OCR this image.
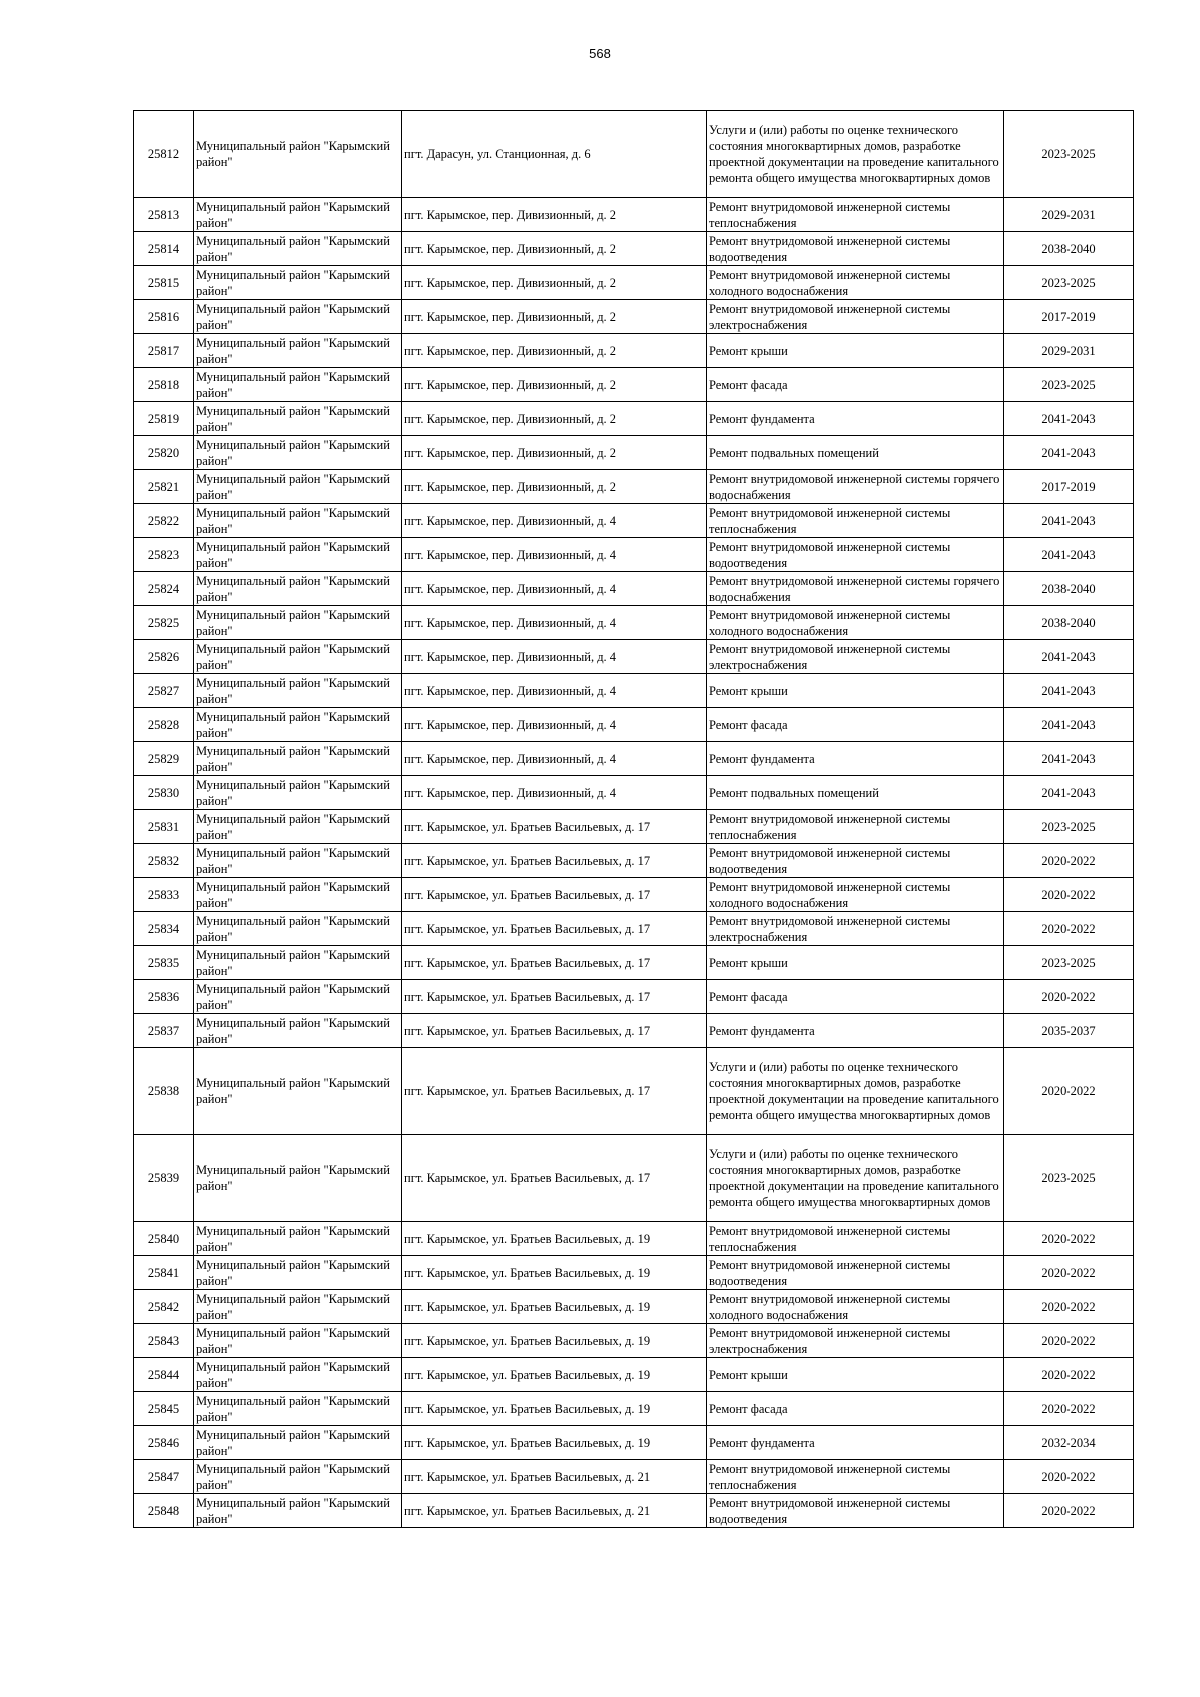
568
25812	Муниципальный район "Карымский район"	пгт. Дарасун, ул. Станционная, д. 6	Услуги и (или) работы по оценке технического состояния многоквартирных домов, разработке проектной документации на проведение капитального ремонта общего имущества многоквартирных домов	2023-2025
25813	Муниципальный район "Карымский район"	пгт. Карымское, пер. Дивизионный, д. 2	Ремонт внутридомовой инженерной системы теплоснабжения	2029-2031
25814	Муниципальный район "Карымский район"	пгт. Карымское, пер. Дивизионный, д. 2	Ремонт внутридомовой инженерной системы водоотведения	2038-2040
25815	Муниципальный район "Карымский район"	пгт. Карымское, пер. Дивизионный, д. 2	Ремонт внутридомовой инженерной системы холодного водоснабжения	2023-2025
25816	Муниципальный район "Карымский район"	пгт. Карымское, пер. Дивизионный, д. 2	Ремонт внутридомовой инженерной системы электроснабжения	2017-2019
25817	Муниципальный район "Карымский район"	пгт. Карымское, пер. Дивизионный, д. 2	Ремонт крыши	2029-2031
25818	Муниципальный район "Карымский район"	пгт. Карымское, пер. Дивизионный, д. 2	Ремонт фасада	2023-2025
25819	Муниципальный район "Карымский район"	пгт. Карымское, пер. Дивизионный, д. 2	Ремонт фундамента	2041-2043
25820	Муниципальный район "Карымский район"	пгт. Карымское, пер. Дивизионный, д. 2	Ремонт подвальных помещений	2041-2043
25821	Муниципальный район "Карымский район"	пгт. Карымское, пер. Дивизионный, д. 2	Ремонт внутридомовой инженерной системы горячего водоснабжения	2017-2019
25822	Муниципальный район "Карымский район"	пгт. Карымское, пер. Дивизионный, д. 4	Ремонт внутридомовой инженерной системы теплоснабжения	2041-2043
25823	Муниципальный район "Карымский район"	пгт. Карымское, пер. Дивизионный, д. 4	Ремонт внутридомовой инженерной системы водоотведения	2041-2043
25824	Муниципальный район "Карымский район"	пгт. Карымское, пер. Дивизионный, д. 4	Ремонт внутридомовой инженерной системы горячего водоснабжения	2038-2040
25825	Муниципальный район "Карымский район"	пгт. Карымское, пер. Дивизионный, д. 4	Ремонт внутридомовой инженерной системы холодного водоснабжения	2038-2040
25826	Муниципальный район "Карымский район"	пгт. Карымское, пер. Дивизионный, д. 4	Ремонт внутридомовой инженерной системы электроснабжения	2041-2043
25827	Муниципальный район "Карымский район"	пгт. Карымское, пер. Дивизионный, д. 4	Ремонт крыши	2041-2043
25828	Муниципальный район "Карымский район"	пгт. Карымское, пер. Дивизионный, д. 4	Ремонт фасада	2041-2043
25829	Муниципальный район "Карымский район"	пгт. Карымское, пер. Дивизионный, д. 4	Ремонт фундамента	2041-2043
25830	Муниципальный район "Карымский район"	пгт. Карымское, пер. Дивизионный, д. 4	Ремонт подвальных помещений	2041-2043
25831	Муниципальный район "Карымский район"	пгт. Карымское, ул. Братьев Васильевых, д. 17	Ремонт внутридомовой инженерной системы теплоснабжения	2023-2025
25832	Муниципальный район "Карымский район"	пгт. Карымское, ул. Братьев Васильевых, д. 17	Ремонт внутридомовой инженерной системы водоотведения	2020-2022
25833	Муниципальный район "Карымский район"	пгт. Карымское, ул. Братьев Васильевых, д. 17	Ремонт внутридомовой инженерной системы холодного водоснабжения	2020-2022
25834	Муниципальный район "Карымский район"	пгт. Карымское, ул. Братьев Васильевых, д. 17	Ремонт внутридомовой инженерной системы электроснабжения	2020-2022
25835	Муниципальный район "Карымский район"	пгт. Карымское, ул. Братьев Васильевых, д. 17	Ремонт крыши	2023-2025
25836	Муниципальный район "Карымский район"	пгт. Карымское, ул. Братьев Васильевых, д. 17	Ремонт фасада	2020-2022
25837	Муниципальный район "Карымский район"	пгт. Карымское, ул. Братьев Васильевых, д. 17	Ремонт фундамента	2035-2037
25838	Муниципальный район "Карымский район"	пгт. Карымское, ул. Братьев Васильевых, д. 17	Услуги и (или) работы по оценке технического состояния многоквартирных домов, разработке проектной документации на проведение капитального ремонта общего имущества многоквартирных домов	2020-2022
25839	Муниципальный район "Карымский район"	пгт. Карымское, ул. Братьев Васильевых, д. 17	Услуги и (или) работы по оценке технического состояния многоквартирных домов, разработке проектной документации на проведение капитального ремонта общего имущества многоквартирных домов	2023-2025
25840	Муниципальный район "Карымский район"	пгт. Карымское, ул. Братьев Васильевых, д. 19	Ремонт внутридомовой инженерной системы теплоснабжения	2020-2022
25841	Муниципальный район "Карымский район"	пгт. Карымское, ул. Братьев Васильевых, д. 19	Ремонт внутридомовой инженерной системы водоотведения	2020-2022
25842	Муниципальный район "Карымский район"	пгт. Карымское, ул. Братьев Васильевых, д. 19	Ремонт внутридомовой инженерной системы холодного водоснабжения	2020-2022
25843	Муниципальный район "Карымский район"	пгт. Карымское, ул. Братьев Васильевых, д. 19	Ремонт внутридомовой инженерной системы электроснабжения	2020-2022
25844	Муниципальный район "Карымский район"	пгт. Карымское, ул. Братьев Васильевых, д. 19	Ремонт крыши	2020-2022
25845	Муниципальный район "Карымский район"	пгт. Карымское, ул. Братьев Васильевых, д. 19	Ремонт фасада	2020-2022
25846	Муниципальный район "Карымский район"	пгт. Карымское, ул. Братьев Васильевых, д. 19	Ремонт фундамента	2032-2034
25847	Муниципальный район "Карымский район"	пгт. Карымское, ул. Братьев Васильевых, д. 21	Ремонт внутридомовой инженерной системы теплоснабжения	2020-2022
25848	Муниципальный район "Карымский район"	пгт. Карымское, ул. Братьев Васильевых, д. 21	Ремонт внутридомовой инженерной системы водоотведения	2020-2022
